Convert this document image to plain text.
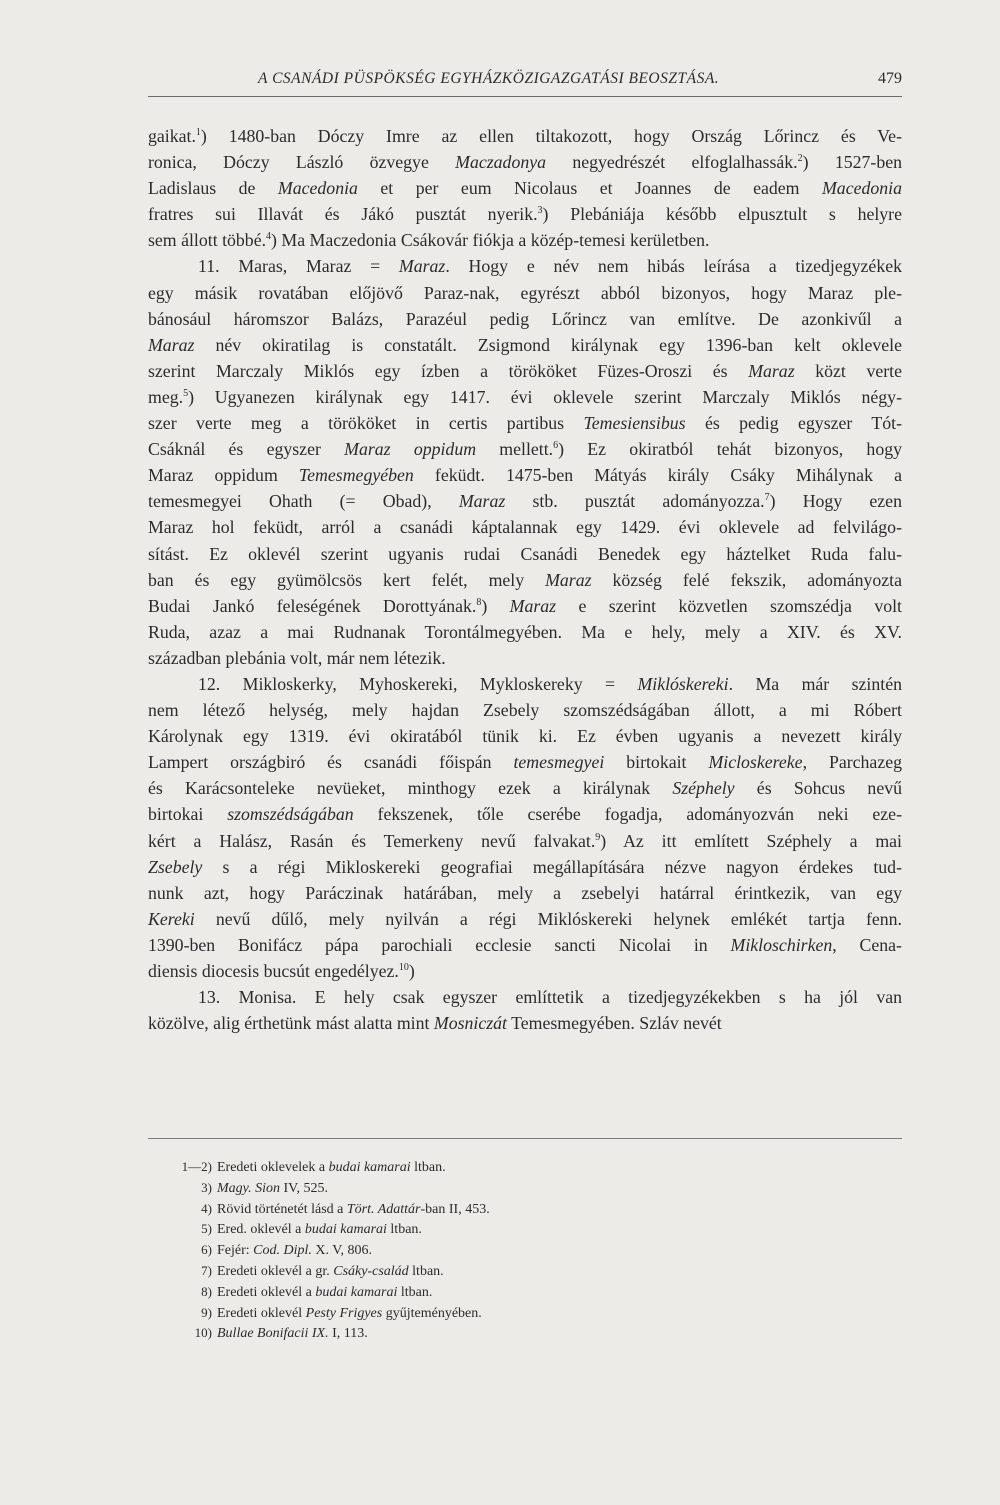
A CSANÁDI PÜSPÖKSÉG EGYHÁZKÖZIGAZGATÁSI BEOSZTÁSA.	479
gaikat.$^1$) 1480-ban Dóczy Imre az ellen tiltakozott, hogy Ország Lőrincz és Ve-
ronica, Dóczy László özvegye Maczadonya negyedrészét elfoglalhassák.$^2$) 1527-ben
Ladislaus de Macedonia et per eum Nicolaus et Joannes de eadem Macedonia
fratres sui Illavát és Jákó pusztát nyerik.$^3$) Plebániája később elpusztult s helyre
sem állott többé.$^4$) Ma Maczedonia Csákovár fiókja a közép-temesi kerületben.
11. Maras, Maraz = Maraz. Hogy e név nem hibás leírása a tizedjegyzékek
egy másik rovatában előjövő Paraz-nak, egyrészt abból bizonyos, hogy Maraz ple-
bánosául háromszor Balázs, Parazéul pedig Lőrincz van említve. De azonkivűl a
Maraz név okiratilag is constatált. Zsigmond királynak egy 1396-ban kelt oklevele
szerint Marczaly Miklós egy ízben a törököket Füzes-Oroszi és Maraz közt verte
meg.$^5$) Ugyanezen királynak egy 1417. évi oklevele szerint Marczaly Miklós négy-
szer verte meg a törököket in certis partibus Temesiensibus és pedig egyszer Tót-
Csáknál és egyszer Maraz oppidum mellett.$^6$) Ez okiratból tehát bizonyos, hogy
Maraz oppidum Temesmegyében feküdt. 1475-ben Mátyás király Csáky Mihálynak a
temesmegyei Ohath (= Obad), Maraz stb. pusztát adományozza.$^7$) Hogy ezen
Maraz hol feküdt, arról a csanádi káptalannak egy 1429. évi oklevele ad felvilágo-
sítást. Ez oklevél szerint ugyanis rudai Csanádi Benedek egy háztelket Ruda falu-
ban és egy gyümölcsös kert felét, mely Maraz község felé fekszik, adományozta
Budai Jankó feleségének Dorottyának.$^8$) Maraz e szerint közvetlen szomszédja volt
Ruda, azaz a mai Rudnanak Torontálmegyében. Ma e hely, mely a XIV. és XV.
században plebánia volt, már nem létezik.
12. Mikloskerky, Myhoskereki, Mykloskereky = Miklóskereki. Ma már szintén
nem létező helység, mely hajdan Zsebely szomszédságában állott, a mi Róbert
Károlynak egy 1319. évi okiratából tünik ki. Ez évben ugyanis a nevezett király
Lampert országbiró és csanádi főispán temesmegyei birtokait Micloskereke, Parchazeg
és Karácsonteleke nevüeket, minthogy ezek a királynak Széphely és Sohcus nevű
birtokai szomszédságában fekszenek, tőle cserébe fogadja, adományozván neki eze-
kért a Halász, Rasán és Temerkeny nevű falvakat.$^9$) Az itt említett Széphely a mai
Zsebely s a régi Mikloskereki geografiai megállapítására nézve nagyon érdekes tud-
nunk azt, hogy Paráczinak határában, mely a zsebelyi határral érintkezik, van egy
Kereki nevű dűlő, mely nyilván a régi Miklóskereki helynek emlékét tartja fenn.
1390-ben Bonifácz pápa parochiali ecclesie sancti Nicolai in Mikloschirken, Cena-
diensis diocesis bucsút engedélyez.$^{10}$)
13. Monisa. E hely csak egyszer említtetik a tizedjegyzékekben s ha jól van
közölve, alig érthetünk mást alatta mint Mosniczát Temesmegyében. Szláv nevét
1—2) Eredeti oklevelek a budai kamarai ltban.
3) Magy. Sion IV, 525.
4) Rövid történetét lásd a Tört. Adattár-ban II, 453.
5) Ered. oklevél a budai kamarai ltban.
6) Fejér: Cod. Dipl. X. V, 806.
7) Eredeti oklevél a gr. Csáky-család ltban.
8) Eredeti oklevél a budai kamarai ltban.
9) Eredeti oklevél Pesty Frigyes gyűjteményében.
10) Bullae Bonifacii IX. I, 113.
